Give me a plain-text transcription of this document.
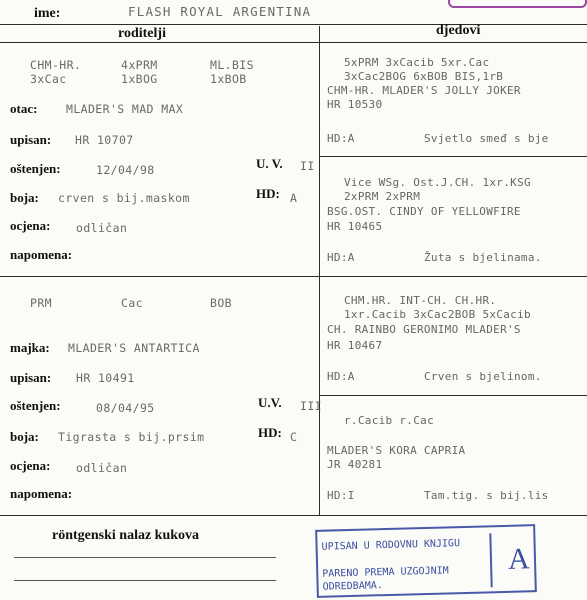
ime:	FLASH ROYAL ARGENTINA
roditelji	djedovi
CHM-HR.	4xPRM	ML.BIS
3xCac	1xBOG	1xBOB
otac: MLADER'S MAD MAX
upisan: HR 10707
oštenjen:	12/04/98	U. V. II
boja: crven s bij.maskom	HD: A
ocjena: odličan
napomena:
PRM	Cac	BOB
majka: MLADER'S ANTARTICA
upisan: HR 10491
oštenjen:	08/04/95	U.V. III
boja: Tigrasta s bij.prsim	HD: C
ocjena: odličan
napomena:
5xPRM 3xCacib 5xr.Cac
3xCac2BOG 6xBOB BIS,1rB
CHM-HR. MLADER'S JOLLY JOKER
HR 10530
HD:A	Svjetlo smeđ s bje
Vice WSg. Ost.J.CH. 1xr.KSG
2xPRM 2xPRM
BSG.OST. CINDY OF YELLOWFIRE
HR 10465
HD:A	Žuta s bjelinama.
CHM.HR. INT-CH. CH.HR.
1xr.Cacib 3xCac2BOB 5xCacib
CH. RAINBO GERONIMO MLADER'S
HR 10467
HD:A	Crven s bjelinom.
r.Cacib r.Cac
MLADER'S KORA CAPRIA
JR 40281
HD:I	Tam.tig. s bij.lis
röntgenski nalaz kukova
UPISAN U RODOVNU KNJIGU
PARENO PREMA UZGOJNIM
ODREDBAMA.
A
